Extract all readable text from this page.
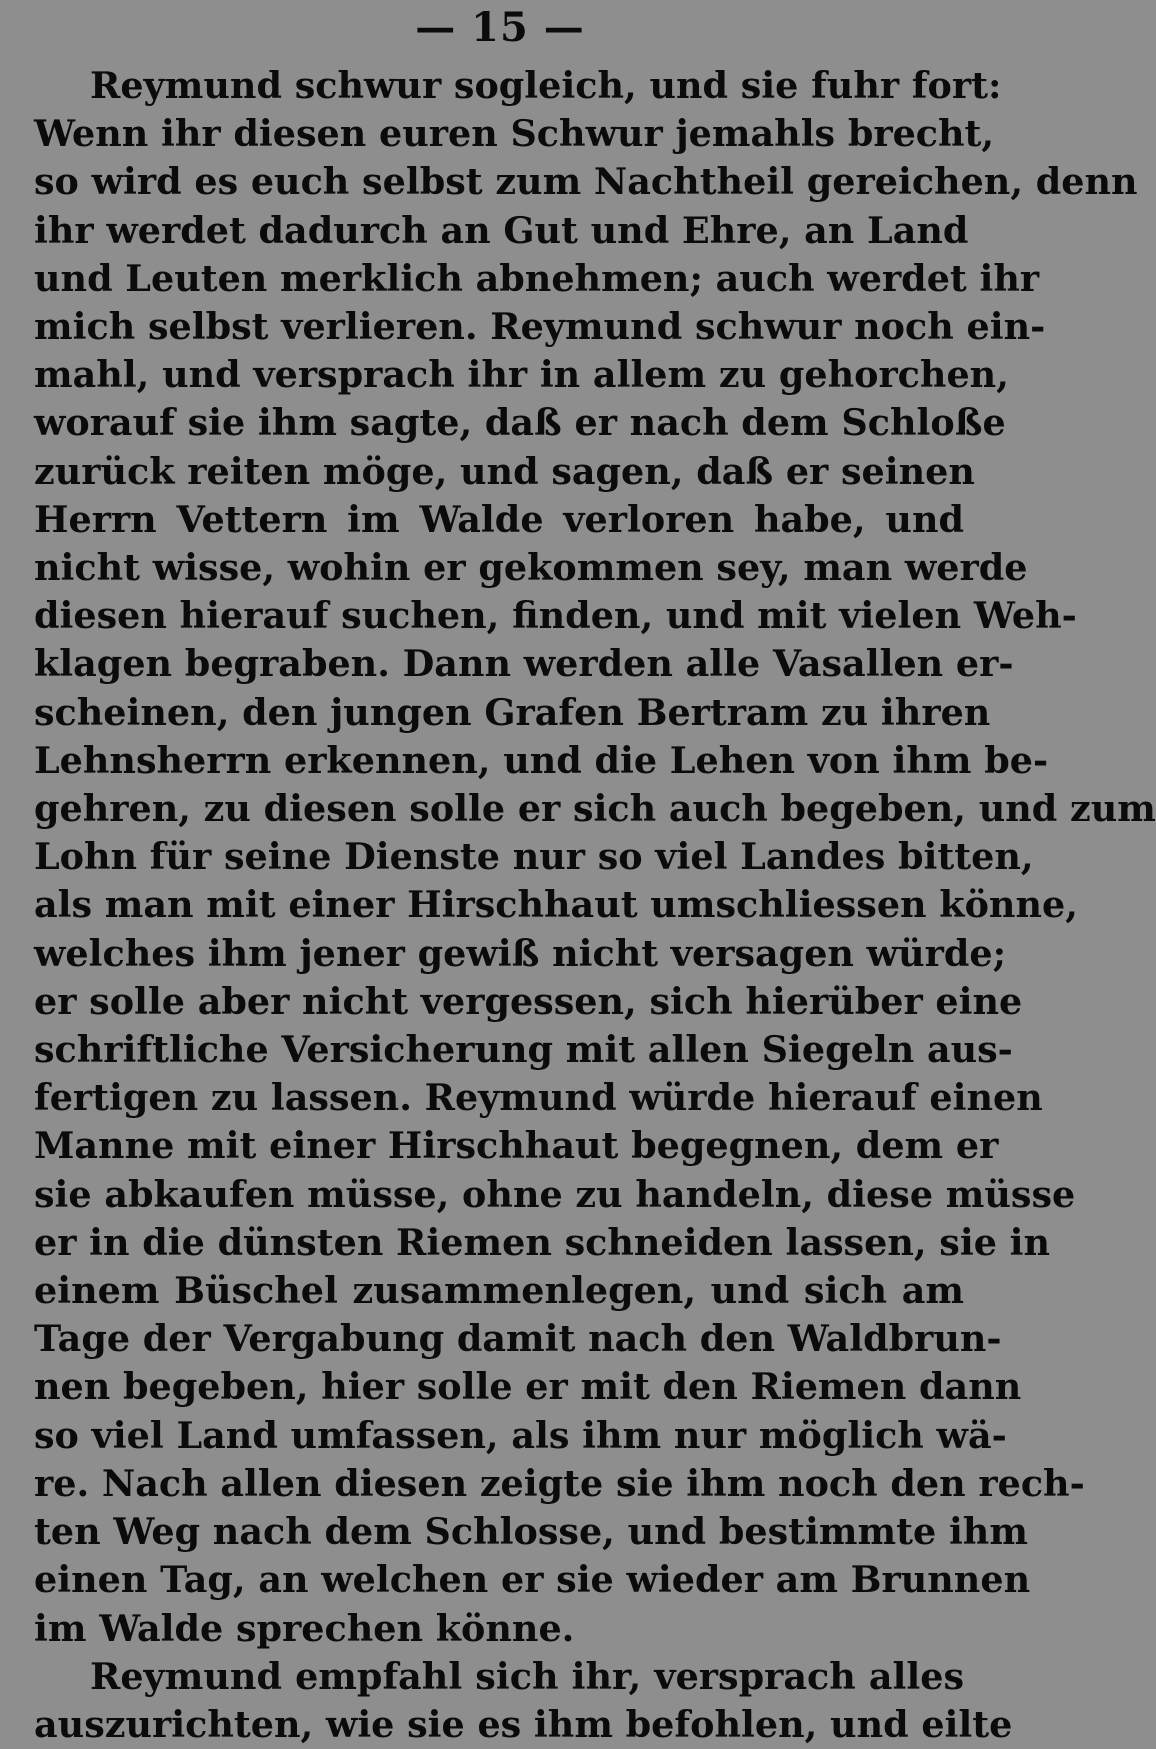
— 15 —
Reymund schwur sogleich, und sie fuhr fort:
Wenn ihr diesen euren Schwur jemahls brecht,
so wird es euch selbst zum Nachtheil gereichen, denn
ihr werdet dadurch an Gut und Ehre, an Land
und Leuten merklich abnehmen; auch werdet ihr
mich selbst verlieren. Reymund schwur noch ein-
mahl, und versprach ihr in allem zu gehorchen,
worauf sie ihm sagte, daß er nach dem Schloße
zurück reiten möge, und sagen, daß er seinen
Herrn Vettern im Walde verloren habe, und
nicht wisse, wohin er gekommen sey, man werde
diesen hierauf suchen, finden, und mit vielen Weh-
klagen begraben. Dann werden alle Vasallen er-
scheinen, den jungen Grafen Bertram zu ihren
Lehnsherrn erkennen, und die Lehen von ihm be-
gehren, zu diesen solle er sich auch begeben, und zum
Lohn für seine Dienste nur so viel Landes bitten,
als man mit einer Hirschhaut umschliessen könne,
welches ihm jener gewiß nicht versagen würde;
er solle aber nicht vergessen, sich hierüber eine
schriftliche Versicherung mit allen Siegeln aus-
fertigen zu lassen. Reymund würde hierauf einen
Manne mit einer Hirschhaut begegnen, dem er
sie abkaufen müsse, ohne zu handeln, diese müsse
er in die dünsten Riemen schneiden lassen, sie in
einem Büschel zusammenlegen, und sich am
Tage der Vergabung damit nach den Waldbrun-
nen begeben, hier solle er mit den Riemen dann
so viel Land umfassen, als ihm nur möglich wä-
re. Nach allen diesen zeigte sie ihm noch den rech-
ten Weg nach dem Schlosse, und bestimmte ihm
einen Tag, an welchen er sie wieder am Brunnen
im Walde sprechen könne.
Reymund empfahl sich ihr, versprach alles
auszurichten, wie sie es ihm befohlen, und eilte
